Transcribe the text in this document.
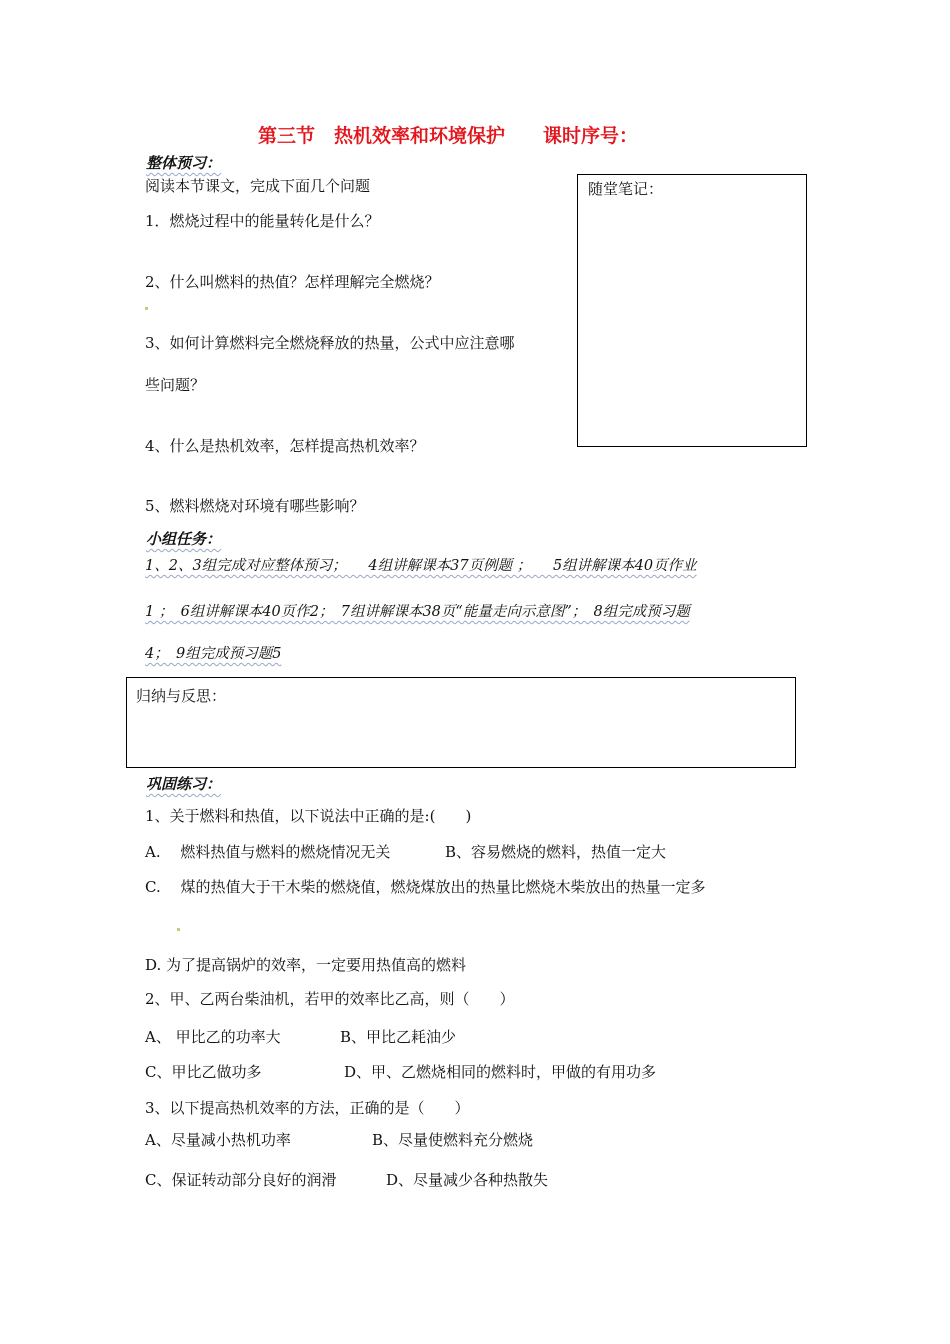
第三节　热机效率和环境保护　　课时序号：
整体预习：
阅读本节课文，完成下面几个问题
1．燃烧过程中的能量转化是什么？
2、什么叫燃料的热值？怎样理解完全燃烧？
3、如何计算燃料完全燃烧释放的热量，公式中应注意哪
些问题？
4、什么是热机效率，怎样提高热机效率？
5、燃料燃烧对环境有哪些影响？
随堂笔记：
小组任务：
1、2、3组完成对应整体预习；　　4组讲解课本37页例题 ；　　5组讲解课本40页作业
1 ；　6组讲解课本40页作2；　7组讲解课本38页“能量走向示意图”；　8组完成预习题
4；　9组完成预习题5
归纳与反思：
巩固练习：
1、关于燃料和热值，以下说法中正确的是:(　　)
A.　 燃料热值与燃料的燃烧情况无关	B、容易燃烧的燃料，热值一定大
C.　 煤的热值大于干木柴的燃烧值，燃烧煤放出的热量比燃烧木柴放出的热量一定多
D. 为了提高锅炉的效率，一定要用热值高的燃料
2、甲、乙两台柴油机，若甲的效率比乙高，则（　　）
A、 甲比乙的功率大	B、甲比乙耗油少
C、甲比乙做功多	D、甲、乙燃烧相同的燃料时，甲做的有用功多
3、以下提高热机效率的方法，正确的是（　　）
A、尽量减小热机功率	B、尽量使燃料充分燃烧
C、保证转动部分良好的润滑	D、尽量减少各种热散失
